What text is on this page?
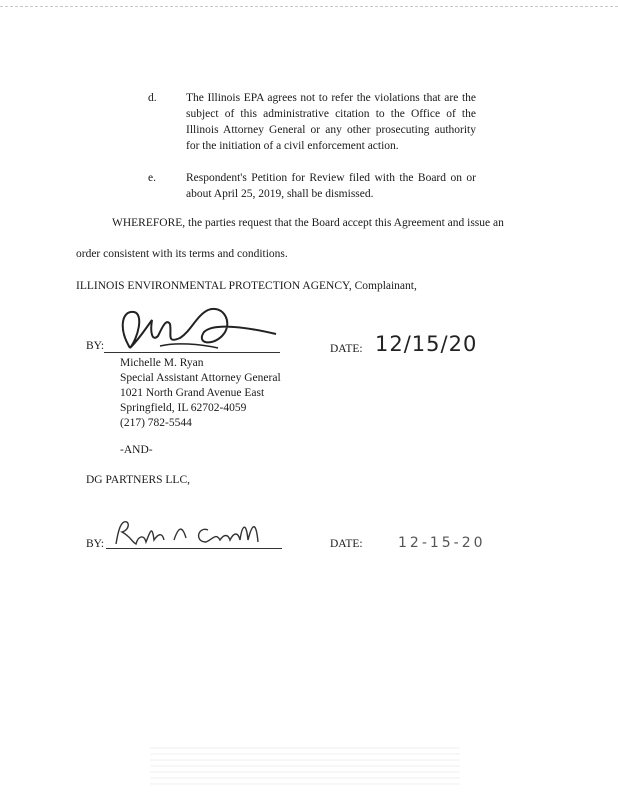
d.	The Illinois EPA agrees not to refer the violations that are the subject of this administrative citation to the Office of the Illinois Attorney General or any other prosecuting authority for the initiation of a civil enforcement action.
e.	Respondent's Petition for Review filed with the Board on or about April 25, 2019, shall be dismissed.
WHEREFORE, the parties request that the Board accept this Agreement and issue an
order consistent with its terms and conditions.
ILLINOIS ENVIRONMENTAL PROTECTION AGENCY, Complainant,
BY:
Michelle M. Ryan
Special Assistant Attorney General
1021 North Grand Avenue East
Springfield, IL 62702-4059
(217) 782-5544
DATE: 12/15/20
-AND-
DG PARTNERS LLC,
BY:	DATE:	12-15-20
